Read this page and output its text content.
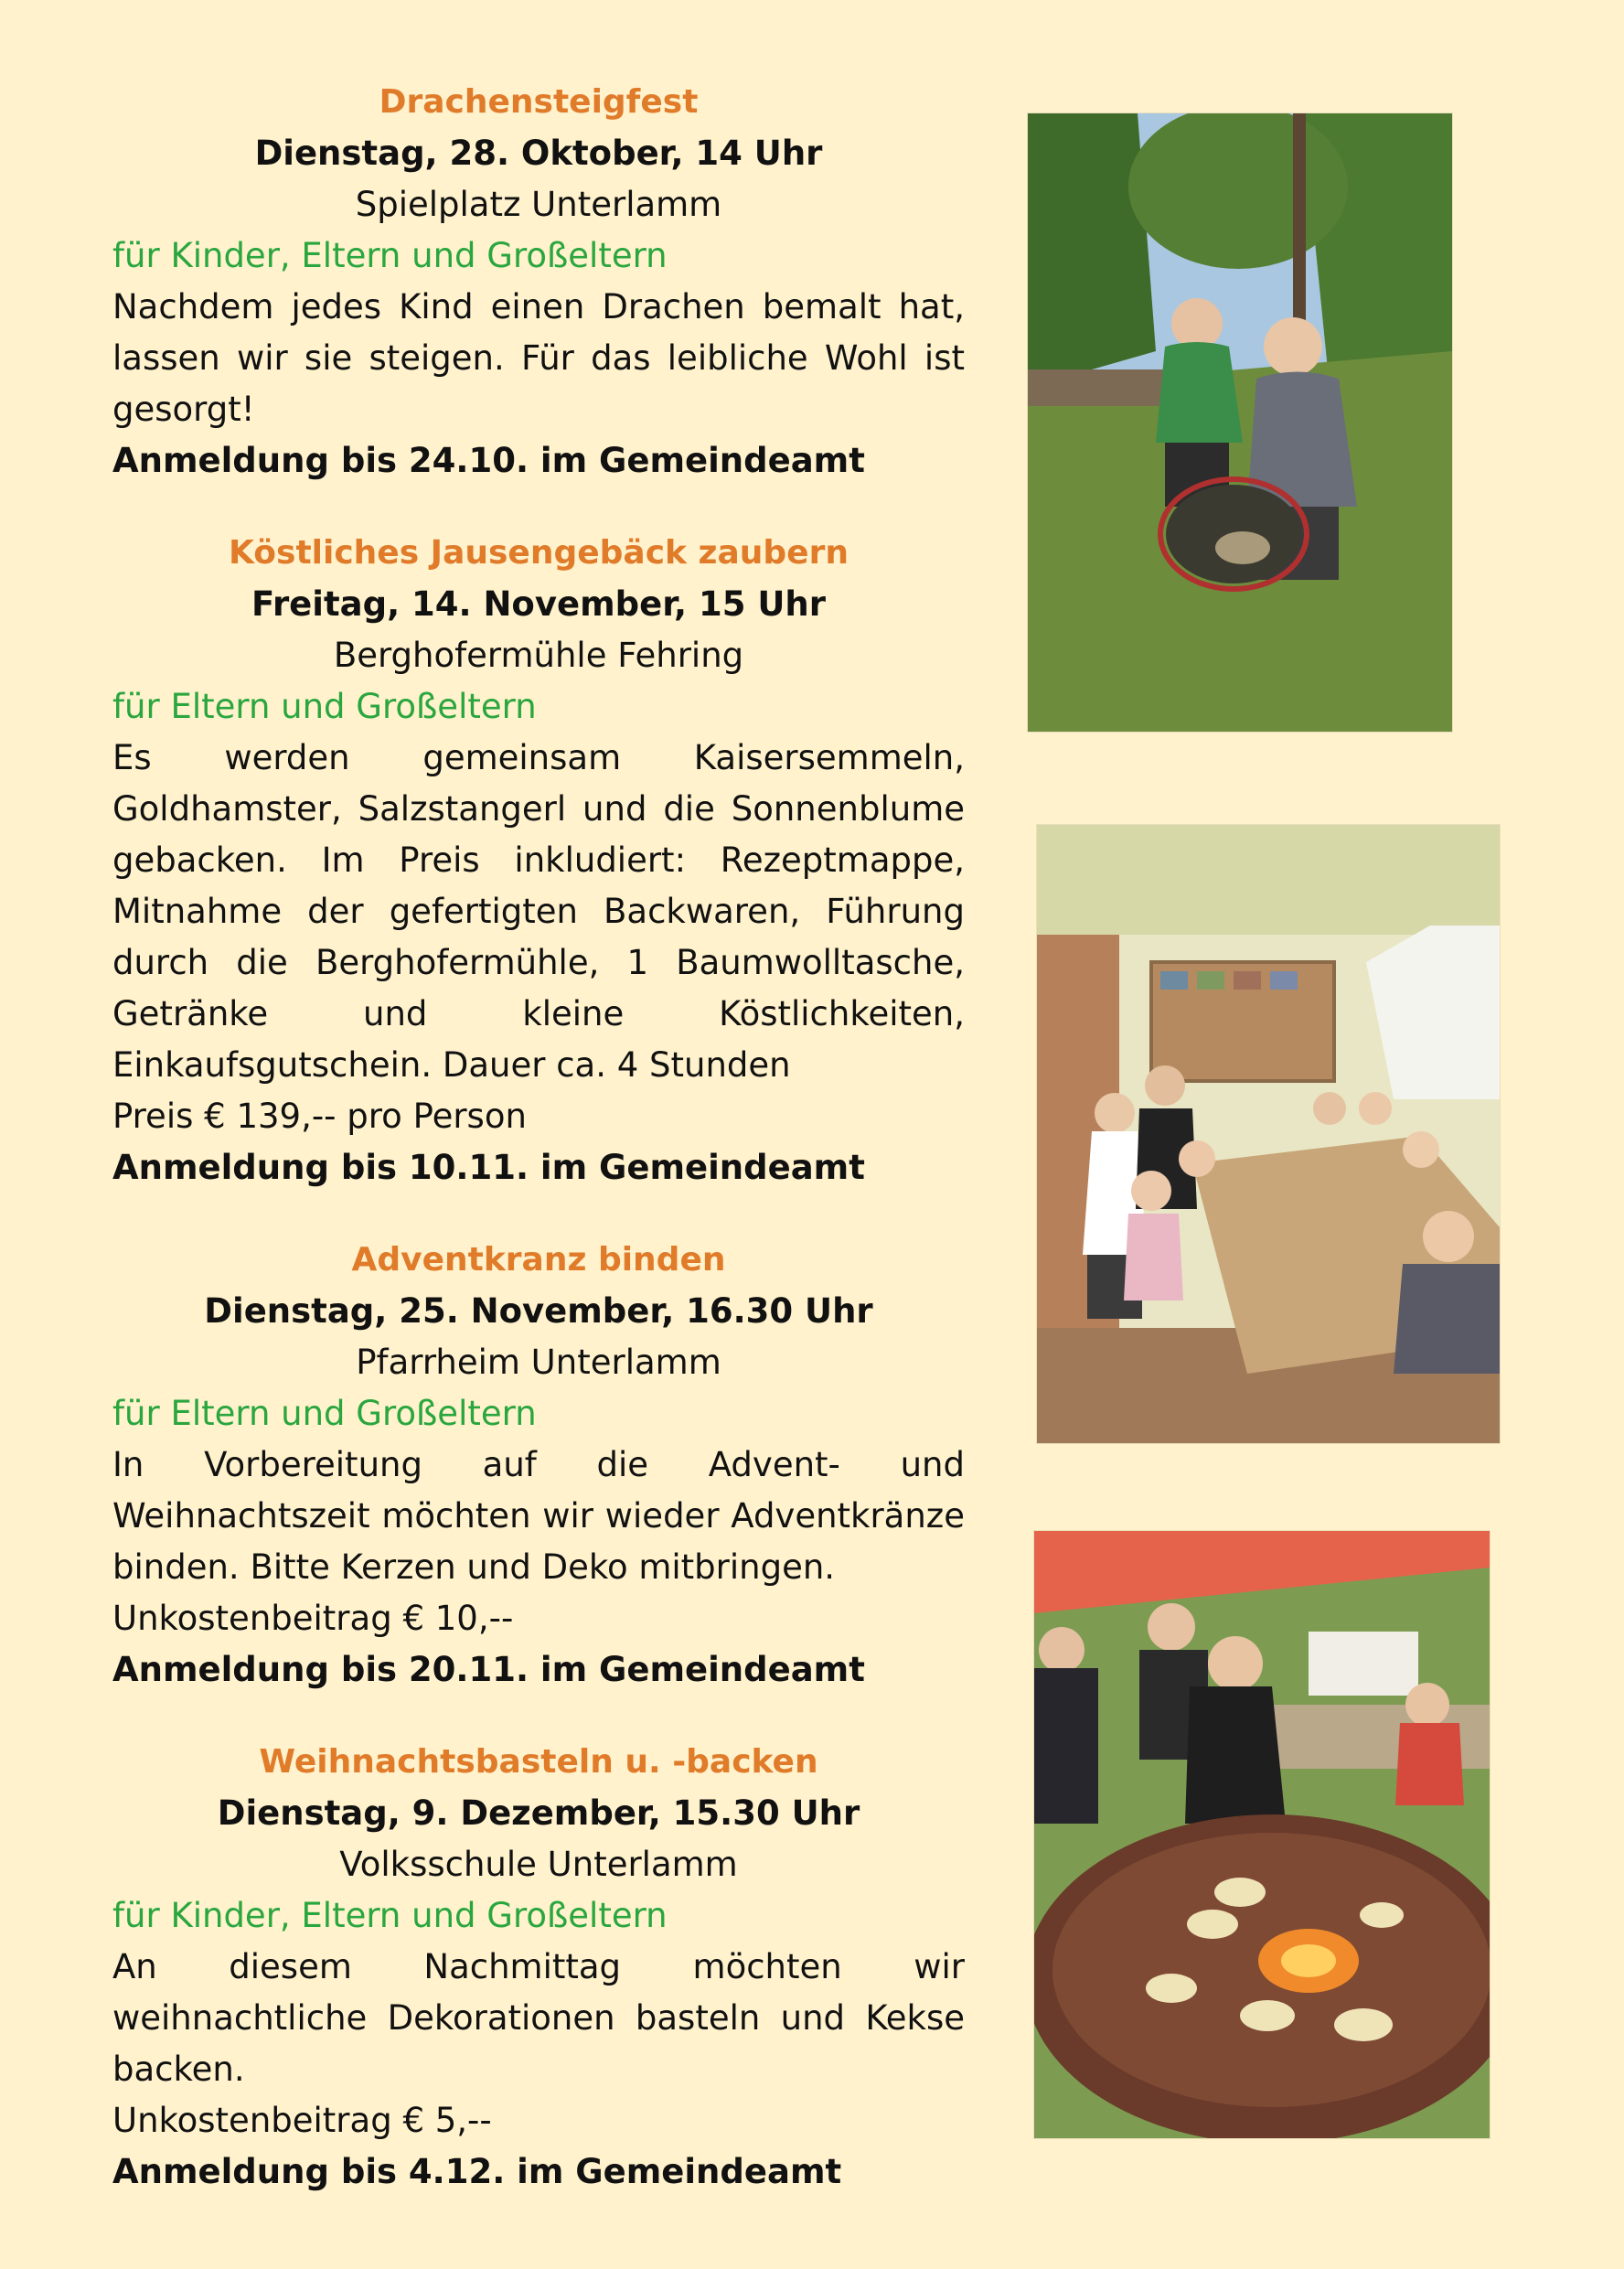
Drachensteigfest
Dienstag, 28. Oktober, 14 Uhr
Spielplatz Unterlamm
für Kinder, Eltern und Großeltern
Nachdem jedes Kind einen Drachen bemalt hat, lassen wir sie steigen. Für das leibliche Wohl ist gesorgt!
Anmeldung bis 24.10. im Gemeindeamt
Köstliches Jausengebäck zaubern
Freitag, 14. November, 15 Uhr
Berghofermühle Fehring
für Eltern und Großeltern
Es werden gemeinsam Kaisersemmeln, Goldhamster, Salzstangerl und die Sonnenblume gebacken. Im Preis inkludiert: Rezeptmappe, Mitnahme der gefertigten Backwaren, Führung durch die Berghofermühle, 1 Baumwolltasche, Getränke und kleine Köstlichkeiten, Einkaufsgutschein. Dauer ca. 4 Stunden
Preis € 139,-- pro Person
Anmeldung bis 10.11. im Gemeindeamt
Adventkranz binden
Dienstag, 25. November, 16.30 Uhr
Pfarrheim Unterlamm
für Eltern und Großeltern
In Vorbereitung auf die Advent- und Weihnachtszeit möchten wir wieder Adventkränze binden. Bitte Kerzen und Deko mitbringen.
Unkostenbeitrag € 10,--
Anmeldung bis 20.11. im Gemeindeamt
Weihnachtsbasteln u. -backen
Dienstag, 9. Dezember, 15.30 Uhr
Volksschule Unterlamm
für Kinder, Eltern und Großeltern
An diesem Nachmittag möchten wir weihnachtliche Dekorationen basteln und Kekse backen.
Unkostenbeitrag € 5,--
Anmeldung bis 4.12. im Gemeindeamt
